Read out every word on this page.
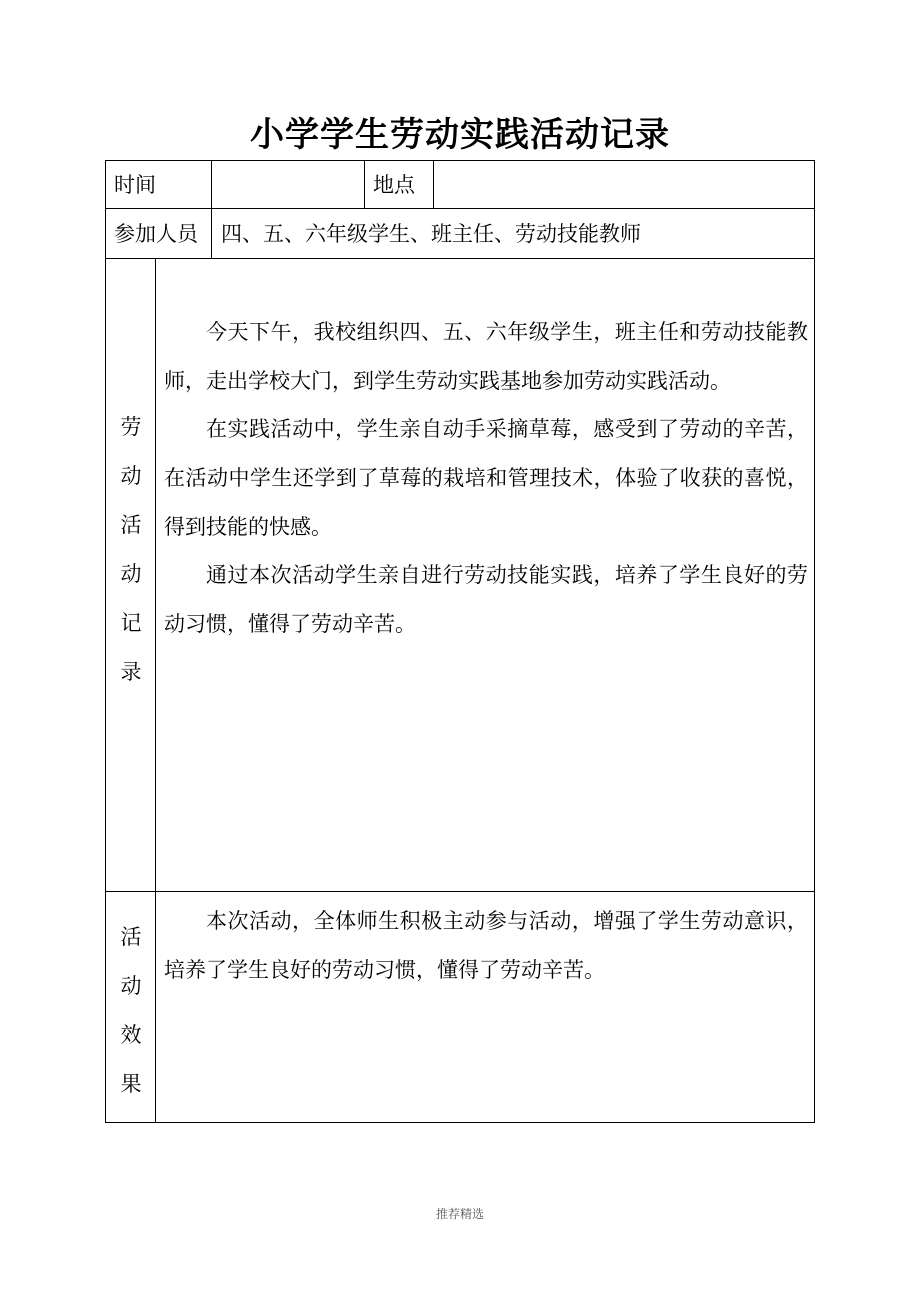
小学学生劳动实践活动记录
时间	地点
参加人员 四、五、六年级学生、班主任、劳动技能教师
劳
动
活
动
记
录

今天下午，我校组织四、五、六年级学生，班主任和劳动技能教师，走出学校大门，到学生劳动实践基地参加劳动实践活动。

在实践活动中，学生亲自动手采摘草莓，感受到了劳动的辛苦，在活动中学生还学到了草莓的栽培和管理技术，体验了收获的喜悦，得到技能的快感。

通过本次活动学生亲自进行劳动技能实践，培养了学生良好的劳动习惯，懂得了劳动辛苦。

活
动
效
果

本次活动，全体师生积极主动参与活动，增强了学生劳动意识，培养了学生良好的劳动习惯，懂得了劳动辛苦。

推荐精选
